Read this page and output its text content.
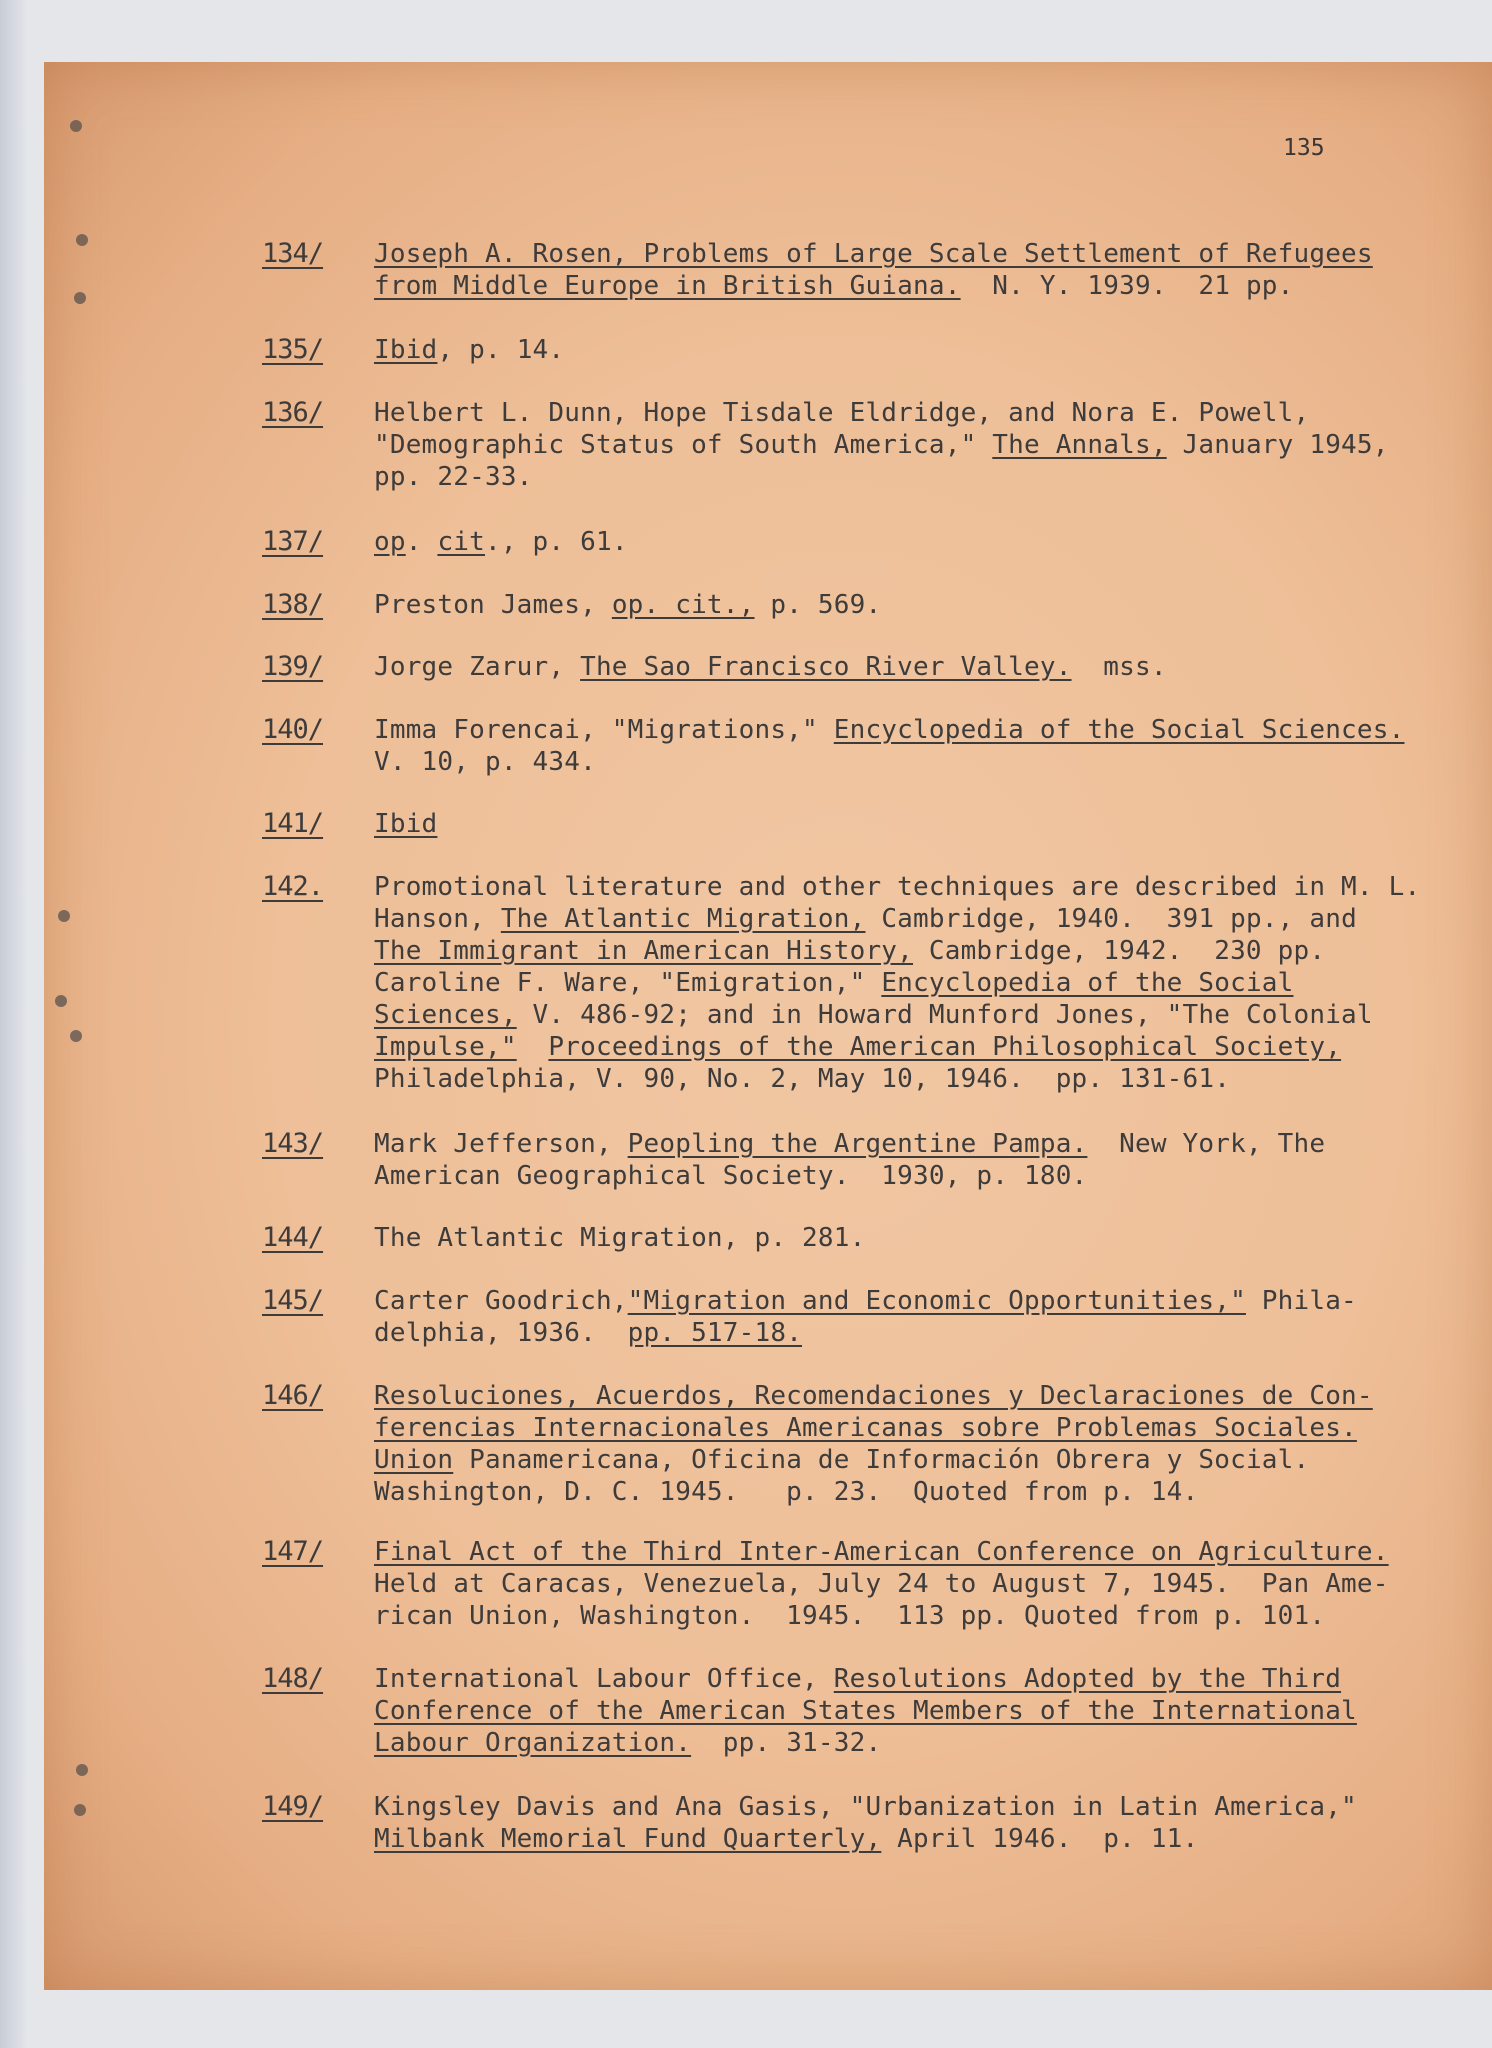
135
134/ Joseph A. Rosen, Problems of Large Scale Settlement of Refugees
from Middle Europe in British Guiana.  N. Y. 1939.  21 pp.
135/ Ibid, p. 14.
136/ Helbert L. Dunn, Hope Tisdale Eldridge, and Nora E. Powell,
"Demographic Status of South America," The Annals, January 1945,
pp. 22-33.
137/ op. cit., p. 61.
138/ Preston James, op. cit., p. 569.
139/ Jorge Zarur, The Sao Francisco River Valley.  mss.
140/ Imma Forencai, "Migrations," Encyclopedia of the Social Sciences.
V. 10, p. 434.
141/ Ibid
142. Promotional literature and other techniques are described in M. L.
Hanson, The Atlantic Migration, Cambridge, 1940.  391 pp., and
The Immigrant in American History, Cambridge, 1942.  230 pp.
Caroline F. Ware, "Emigration," Encyclopedia of the Social
Sciences, V. 486-92; and in Howard Munford Jones, "The Colonial
Impulse," Proceedings of the American Philosophical Society,
Philadelphia, V. 90, No. 2, May 10, 1946.  pp. 131-61.
143/ Mark Jefferson, Peopling the Argentine Pampa.  New York, The
American Geographical Society.  1930, p. 180.
144/ The Atlantic Migration, p. 281.
145/ Carter Goodrich,"Migration and Economic Opportunities," Phila-
delphia, 1936.  pp. 517-18.
146/ Resoluciones, Acuerdos, Recomendaciones y Declaraciones de Con-
ferencias Internacionales Americanas sobre Problemas Sociales.
Union Panamericana, Oficina de Información Obrera y Social.
Washington, D. C. 1945.   p. 23.  Quoted from p. 14.
147/ Final Act of the Third Inter-American Conference on Agriculture.
Held at Caracas, Venezuela, July 24 to August 7, 1945.  Pan Ame-
rican Union, Washington.  1945.  113 pp. Quoted from p. 101.
148/ International Labour Office, Resolutions Adopted by the Third
Conference of the American States Members of the International
Labour Organization.  pp. 31-32.
149/ Kingsley Davis and Ana Gasis, "Urbanization in Latin America,"
Milbank Memorial Fund Quarterly, April 1946.  p. 11.
